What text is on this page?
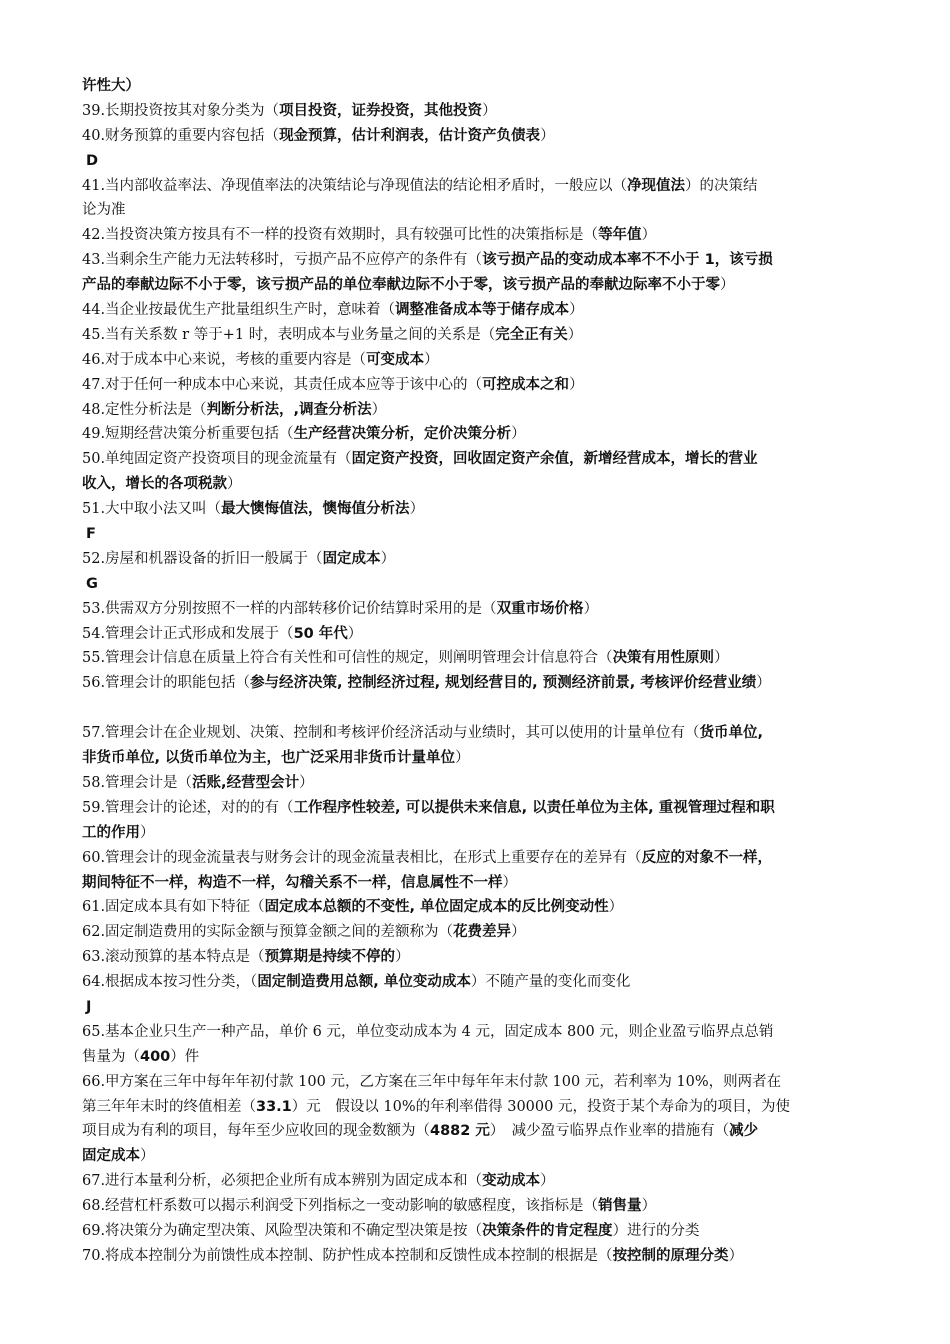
许性大）
39.长期投资按其对象分类为（项目投资，证券投资，其他投资）
40.财务预算的重要内容包括（现金预算，估计利润表，估计资产负债表）
D
41.当内部收益率法、净现值率法的决策结论与净现值法的结论相矛盾时，一般应以（净现值法）的决策结
论为准
42.当投资决策方按具有不一样的投资有效期时，具有较强可比性的决策指标是（等年值）
43.当剩余生产能力无法转移时，亏损产品不应停产的条件有（该亏损产品的变动成本率不不小于 1，该亏损
产品的奉献边际不小于零，该亏损产品的单位奉献边际不小于零，该亏损产品的奉献边际率不小于零）
44.当企业按最优生产批量组织生产时，意味着（调整准备成本等于储存成本）
45.当有关系数 r 等于+1 时，表明成本与业务量之间的关系是（完全正有关）
46.对于成本中心来说，考核的重要内容是（可变成本）
47.对于任何一种成本中心来说，其责任成本应等于该中心的（可控成本之和）
48.定性分析法是（判断分析法，,调查分析法）
49.短期经营决策分析重要包括（生产经营决策分析，定价决策分析）
50.单纯固定资产投资项目的现金流量有（固定资产投资，回收固定资产余值，新增经营成本，增长的营业
收入，增长的各项税款）
51.大中取小法又叫（最大懊悔值法，懊悔值分析法）
F
52.房屋和机器设备的折旧一般属于（固定成本）
G
53.供需双方分别按照不一样的内部转移价记价结算时采用的是（双重市场价格）
54.管理会计正式形成和发展于（50 年代）
55.管理会计信息在质量上符合有关性和可信性的规定，则阐明管理会计信息符合（决策有用性原则）
56.管理会计的职能包括（参与经济决策, 控制经济过程, 规划经营目的, 预测经济前景, 考核评价经营业绩）
57.管理会计在企业规划、决策、控制和考核评价经济活动与业绩时，其可以使用的计量单位有（货币单位,
非货币单位, 以货币单位为主，也广泛采用非货币计量单位）
58.管理会计是（活账,经营型会计）
59.管理会计的论述，对的的有（工作程序性较差, 可以提供未来信息, 以责任单位为主体, 重视管理过程和职
工的作用）
60.管理会计的现金流量表与财务会计的现金流量表相比，在形式上重要存在的差异有（反应的对象不一样，
期间特征不一样，构造不一样，勾稽关系不一样，信息属性不一样）
61.固定成本具有如下特征（固定成本总额的不变性, 单位固定成本的反比例变动性）
62.固定制造费用的实际金额与预算金额之间的差额称为（花费差异）
63.滚动预算的基本特点是（预算期是持续不停的）
64.根据成本按习性分类，（固定制造费用总额, 单位变动成本）不随产量的变化而变化
J
65.基本企业只生产一种产品，单价 6 元，单位变动成本为 4 元，固定成本 800 元，则企业盈亏临界点总销
售量为（400）件
66.甲方案在三年中每年年初付款 100 元，乙方案在三年中每年年末付款 100 元，若利率为 10%，则两者在
第三年年末时的终值相差（33.1）元　假设以 10%的年利率借得 30000 元，投资于某个寿命为的项目，为使
项目成为有利的项目，每年至少应收回的现金数额为（4882 元）　减少盈亏临界点作业率的措施有（减少
固定成本）
67.进行本量利分析，必须把企业所有成本辨别为固定成本和（变动成本）
68.经营杠杆系数可以揭示利润受下列指标之一变动影响的敏感程度，该指标是（销售量）
69.将决策分为确定型决策、风险型决策和不确定型决策是按（决策条件的肯定程度）进行的分类
70.将成本控制分为前馈性成本控制、防护性成本控制和反馈性成本控制的根据是（按控制的原理分类）
